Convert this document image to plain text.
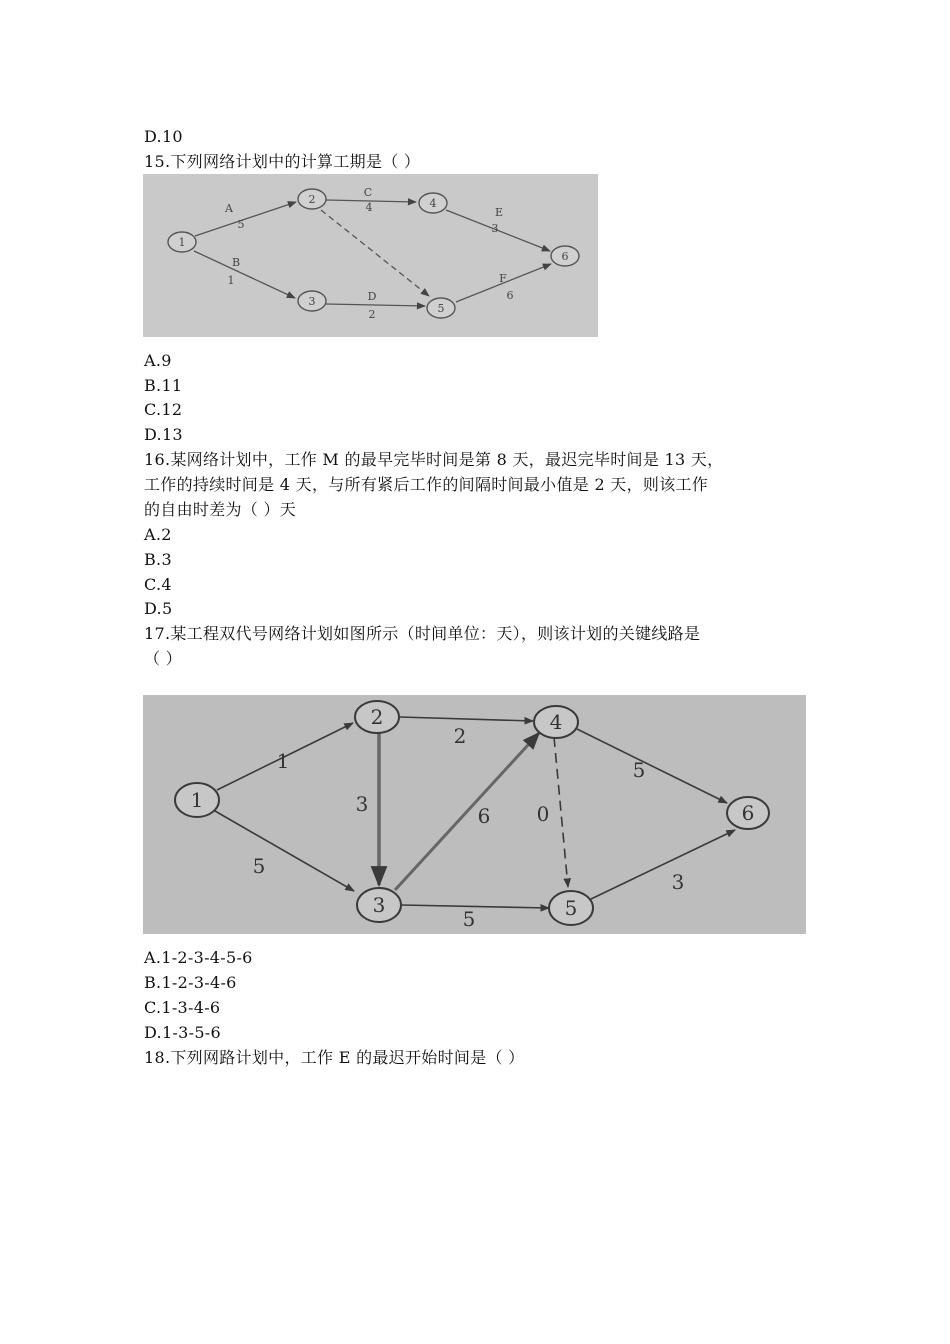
D.10
15.下列网络计划中的计算工期是（ ）
1
2
3
4
5
6
A
5
B
1
C
4
D
2
E
3
F
6
A.9
B.11
C.12
D.13
16.某网络计划中，工作 M 的最早完毕时间是第 8 天，最迟完毕时间是 13 天，
工作的持续时间是 4 天，与所有紧后工作的间隔时间最小值是 2 天，则该工作
的自由时差为（ ）天
A.2
B.3
C.4
D.5
17.某工程双代号网络计划如图所示（时间单位：天），则该计划的关键线路是
（ ）
1
2
3
4
5
6
1
5
3
2
6
5
0
5
3
A.1-2-3-4-5-6
B.1-2-3-4-6
C.1-3-4-6
D.1-3-5-6
18.下列网路计划中，工作 E 的最迟开始时间是（ ）
